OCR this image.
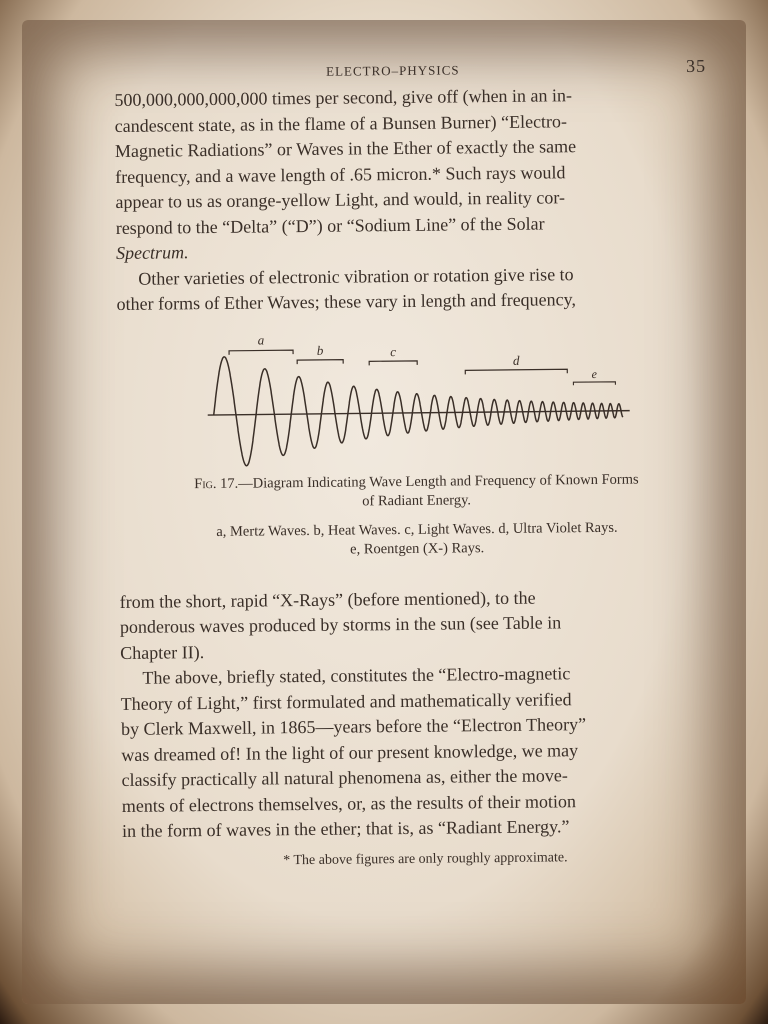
ELECTRO–PHYSICS	35

500,000,000,000,000 times per second, give off (when in an in-
candescent state, as in the flame of a Bunsen Burner) “Electro-
Magnetic Radiations” or Waves in the Ether of exactly the same
frequency, and a wave length of .65 micron.* Such rays would
appear to us as orange-yellow Light, and would, in reality cor-
respond to the “Delta” (“D”) or “Sodium Line” of the Solar
Spectrum.

Other varieties of electronic vibration or rotation give rise to
other forms of Ether Waves; these vary in length and frequency,

a
b	c
d
e

Fig. 17.—Diagram Indicating Wave Length and Frequency of Known Forms
of Radiant Energy.

a, Mertz Waves. b, Heat Waves. c, Light Waves. d, Ultra Violet Rays.
e, Roentgen (X-) Rays.

from the short, rapid “X-Rays” (before mentioned), to the
ponderous waves produced by storms in the sun (see Table in
Chapter II).

The above, briefly stated, constitutes the “Electro-magnetic
Theory of Light,” first formulated and mathematically verified
by Clerk Maxwell, in 1865—years before the “Electron Theory”
was dreamed of! In the light of our present knowledge, we may
classify practically all natural phenomena as, either the move-
ments of electrons themselves, or, as the results of their motion
in the form of waves in the ether; that is, as “Radiant Energy.”

* The above figures are only roughly approximate.
